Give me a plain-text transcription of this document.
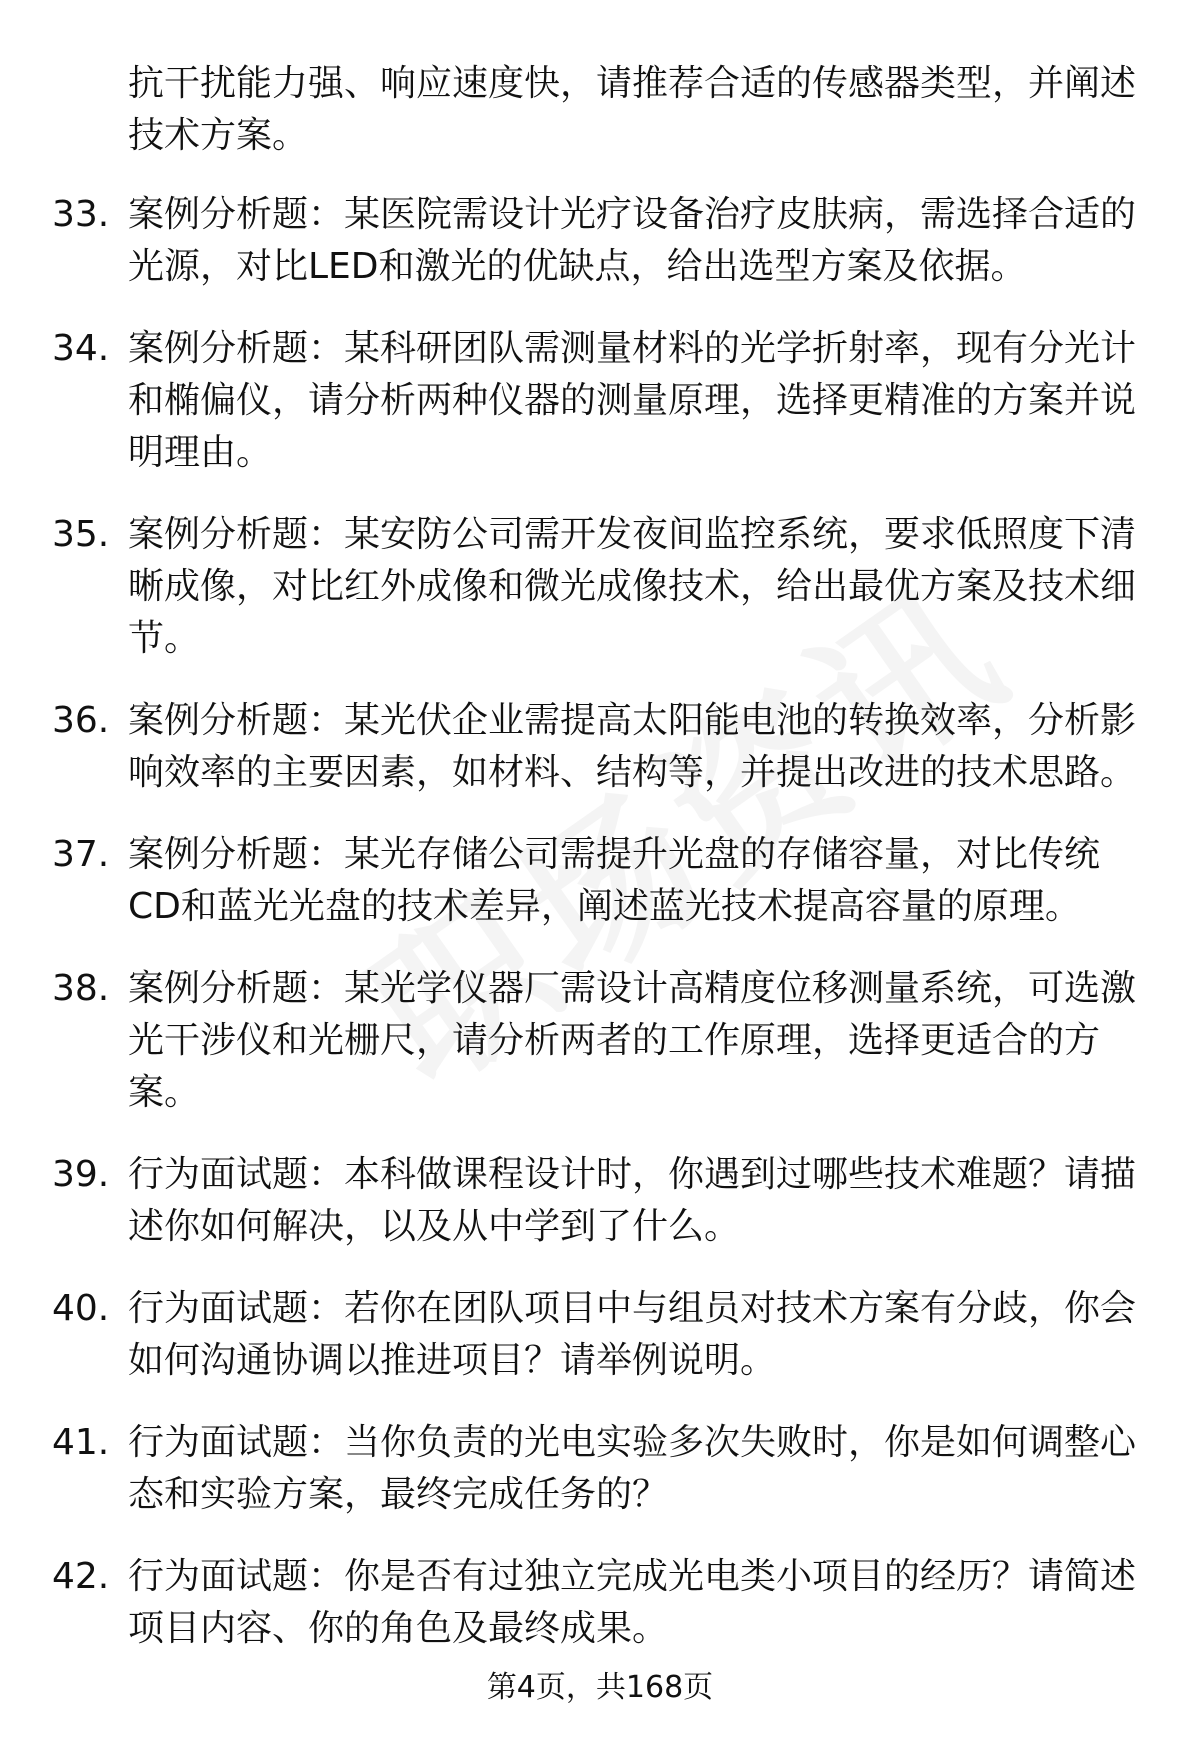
抗干扰能力强、响应速度快，请推荐合适的传感器类型，并阐述技术方案。
33. 案例分析题：某医院需设计光疗设备治疗皮肤病，需选择合适的光源，对比LED和激光的优缺点，给出选型方案及依据。
34. 案例分析题：某科研团队需测量材料的光学折射率，现有分光计和椭偏仪，请分析两种仪器的测量原理，选择更精准的方案并说明理由。
35. 案例分析题：某安防公司需开发夜间监控系统，要求低照度下清晰成像，对比红外成像和微光成像技术，给出最优方案及技术细节。
36. 案例分析题：某光伏企业需提高太阳能电池的转换效率，分析影响效率的主要因素，如材料、结构等，并提出改进的技术思路。
37. 案例分析题：某光存储公司需提升光盘的存储容量，对比传统CD和蓝光光盘的技术差异，阐述蓝光技术提高容量的原理。
38. 案例分析题：某光学仪器厂需设计高精度位移测量系统，可选激光干涉仪和光栅尺，请分析两者的工作原理，选择更适合的方案。
39. 行为面试题：本科做课程设计时，你遇到过哪些技术难题？请描述你如何解决，以及从中学到了什么。
40. 行为面试题：若你在团队项目中与组员对技术方案有分歧，你会如何沟通协调以推进项目？请举例说明。
41. 行为面试题：当你负责的光电实验多次失败时，你是如何调整心态和实验方案，最终完成任务的？
42. 行为面试题：你是否有过独立完成光电类小项目的经历？请简述项目内容、你的角色及最终成果。
第4页，共168页
